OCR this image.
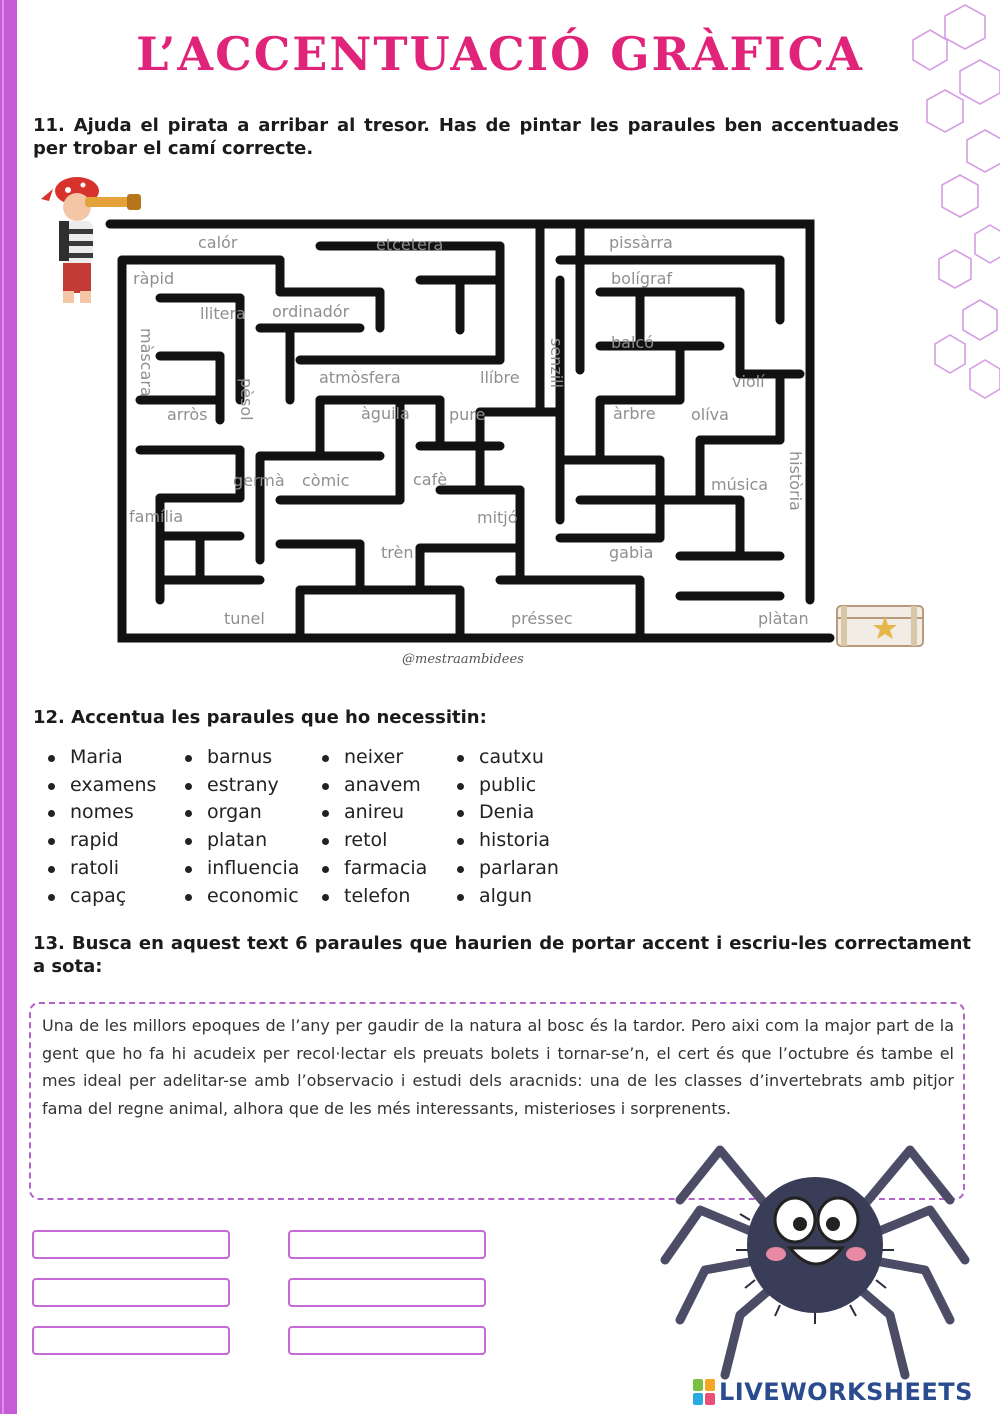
L’ACCENTUACIÓ GRÀFICA
11. Ajuda el pirata a arribar al tresor. Has de pintar les paraules ben accentuades per trobar el camí correcte.
calór	etcetera	pissàrra
ràpid	bolígraf
llitera ordinadór
màscara	balcó
senzill
atmòsfera	llíbre	violí
pèsol
arròs	àguila pure	àrbre olíva
història
germà còmic	cafè	música
família	mitjó
trèn	gabia
tunel	préssec	plàtan
@mestraambidees
12. Accentua les paraules que ho necessitin:
Maria
examens
nomes
rapid
ratoli
capaç
barnus
estrany
organ
platan
influencia
economic
neixer
anavem
anireu
retol
farmacia
telefon
cautxu
public
Denia
historia
parlaran
algun
13. Busca en aquest text 6 paraules que haurien de portar accent i escriu-les correctament a sota:
Una de les millors epoques de l’any per gaudir de la natura al bosc és la tardor. Pero aixi com la major part de la gent que ho fa hi acudeix per recol·lectar els preuats bolets i tornar-se’n, el cert és que l’octubre és tambe el mes ideal per adelitar-se amb l’observacio i estudi dels aracnids: una de les classes d’invertebrats amb pitjor fama del regne animal, alhora que de les més interessants, misterioses i sorprenents.
LIVEWORKSHEETS
